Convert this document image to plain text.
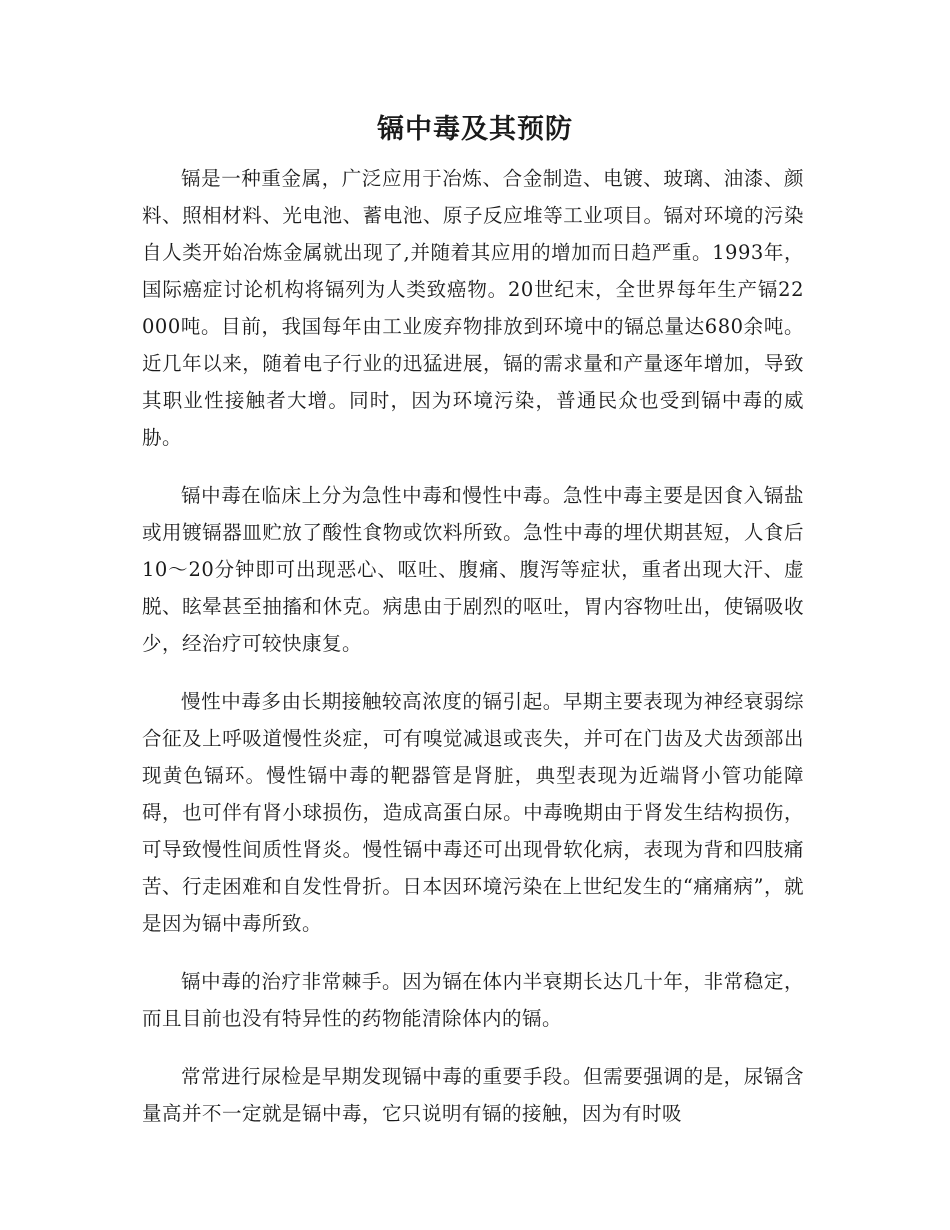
镉中毒及其预防

镉是一种重金属，广泛应用于冶炼、合金制造、电镀、玻璃、油漆、颜料、照相材料、光电池、蓄电池、原子反应堆等工业项目。镉对环境的污染自人类开始冶炼金属就出现了,并随着其应用的增加而日趋严重。1993年，国际癌症讨论机构将镉列为人类致癌物。20世纪末，全世界每年生产镉22000吨。目前，我国每年由工业废弃物排放到环境中的镉总量达680余吨。近几年以来，随着电子行业的迅猛进展，镉的需求量和产量逐年增加，导致其职业性接触者大增。同时，因为环境污染，普通民众也受到镉中毒的威胁。

镉中毒在临床上分为急性中毒和慢性中毒。急性中毒主要是因食入镉盐或用镀镉器皿贮放了酸性食物或饮料所致。急性中毒的埋伏期甚短，人食后10～20分钟即可出现恶心、呕吐、腹痛、腹泻等症状，重者出现大汗、虚脱、眩晕甚至抽搐和休克。病患由于剧烈的呕吐，胃内容物吐出，使镉吸收少，经治疗可较快康复。

慢性中毒多由长期接触较高浓度的镉引起。早期主要表现为神经衰弱综合征及上呼吸道慢性炎症，可有嗅觉减退或丧失，并可在门齿及犬齿颈部出现黄色镉环。慢性镉中毒的靶器管是肾脏，典型表现为近端肾小管功能障碍，也可伴有肾小球损伤，造成高蛋白尿。中毒晚期由于肾发生结构损伤，可导致慢性间质性肾炎。慢性镉中毒还可出现骨软化病，表现为背和四肢痛苦、行走困难和自发性骨折。日本因环境污染在上世纪发生的“痛痛病”，就是因为镉中毒所致。

镉中毒的治疗非常棘手。因为镉在体内半衰期长达几十年，非常稳定，而且目前也没有特异性的药物能清除体内的镉。

常常进行尿检是早期发现镉中毒的重要手段。但需要强调的是，尿镉含量高并不一定就是镉中毒，它只说明有镉的接触，因为有时吸
